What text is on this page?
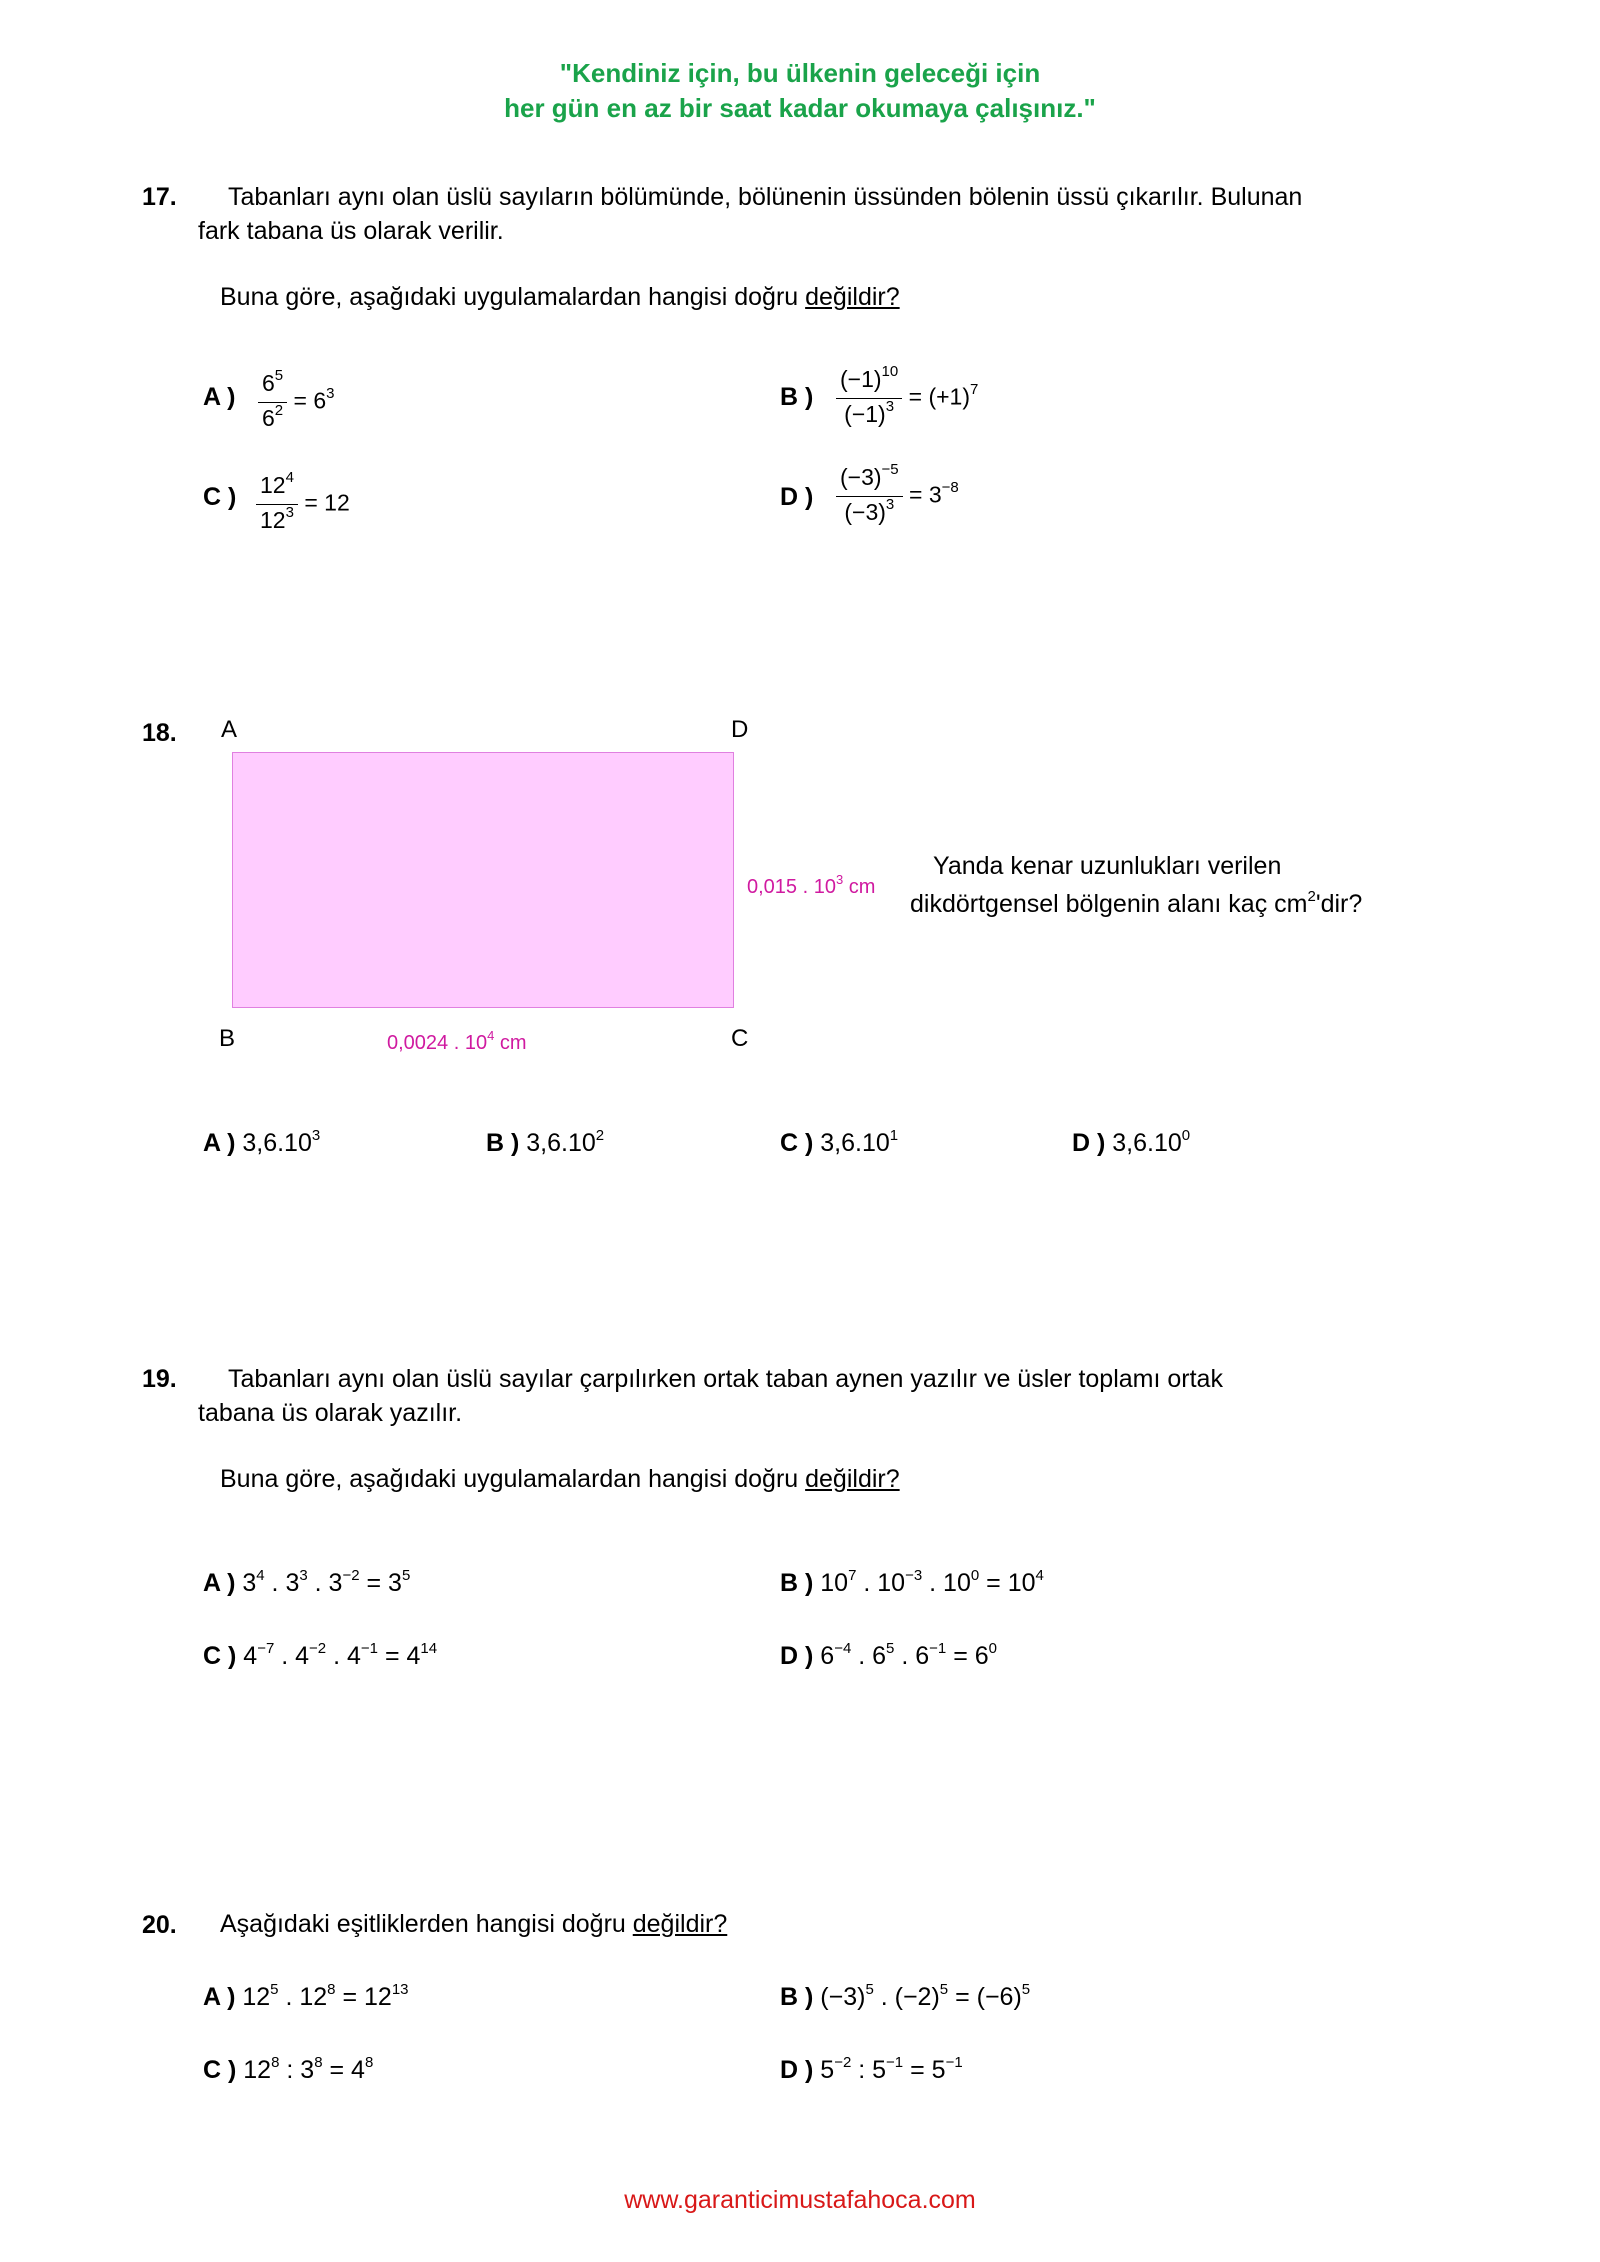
"Kendiniz için, bu ülkenin geleceği için
her gün en az bir saat kadar okumaya çalışınız."
17. Tabanları aynı olan üslü sayıların bölümünde, bölünenin üssünden bölenin üssü çıkarılır. Bulunan
fark tabana üs olarak verilir.
Buna göre, aşağıdaki uygulamalardan hangisi doğru değildir?
A ) $\frac{6^5}{6^2} = 6^3$	B ) $\frac{(-1)^{10}}{(-1)^3} = (+1)^7$
C ) $\frac{12^4}{12^3} = 12$	D ) $\frac{(-3)^{-5}}{(-3)^3} = 3^{-8}$
18. A	D
B	C
0,015 . $10^3$ cm
0,0024 . $10^4$ cm
Yanda kenar uzunlukları verilen
dikdörtgensel bölgenin alanı kaç $cm^2'dir$?
A ) 3,6.10$^3$	B ) 3,6.10$^2$	C ) 3,6.10$^1$	D ) 3,6.10$^0$
19. Tabanları aynı olan üslü sayılar çarpılırken ortak taban aynen yazılır ve üsler toplamı ortak
tabana üs olarak yazılır.
Buna göre, aşağıdaki uygulamalardan hangisi doğru değildir?
A ) $3^4$ . $3^3$ . $3^{-2} = 3^5$	B ) $10^7$ . $10^{-3}$ . $10^0 = 10^4$
C ) $4^{-7}$ . $4^{-2}$ . $4^{-1} = 4^{14}$	D ) $6^{-4}$ . $6^5$ . $6^{-1} = 6^0$
20. Aşağıdaki eşitliklerden hangisi doğru değildir?
A ) $12^5$ . $12^8 = 12^{13}$	B ) $(-3)^5$ . $(-2)^5 = (-6)^5$
C ) $12^8$ : $3^8 = 4^8$	D ) $5^{-2}$ : $5^{-1} = 5^{-1}$
www.garanticimustafahoca.com
